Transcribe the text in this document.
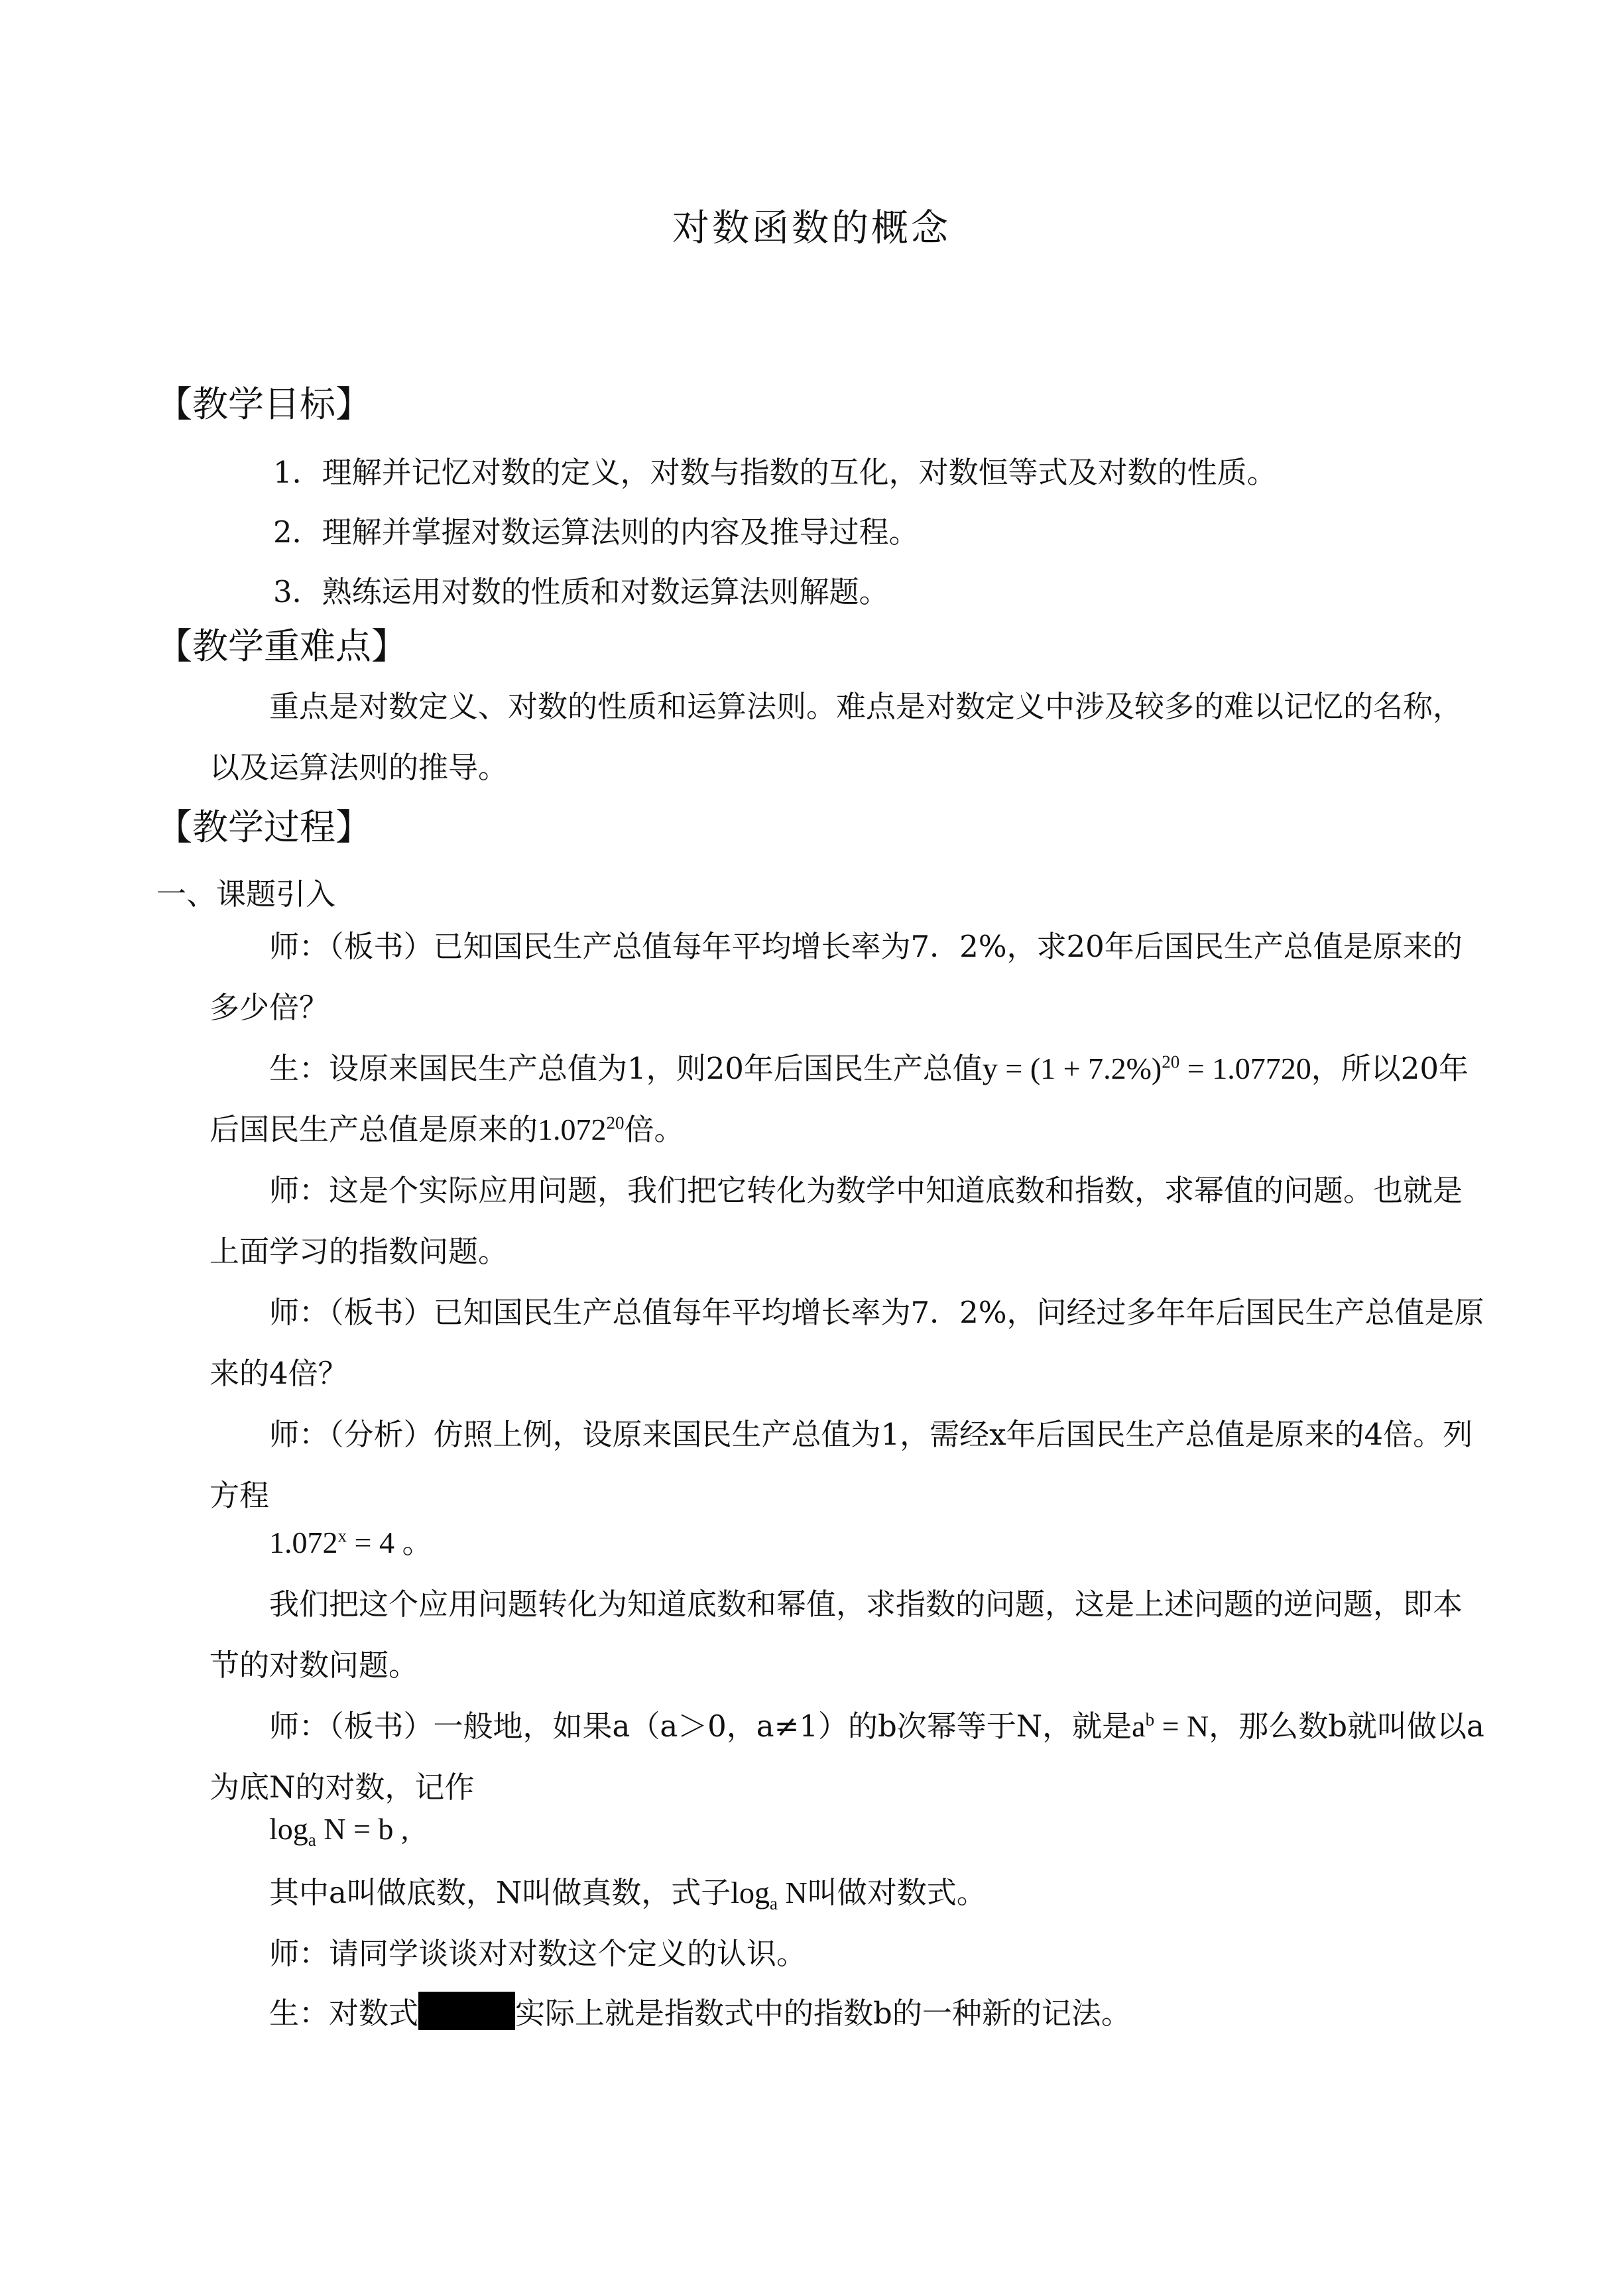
对数函数的概念
【教学目标】
1．理解并记忆对数的定义，对数与指数的互化，对数恒等式及对数的性质。
2．理解并掌握对数运算法则的内容及推导过程。
3．熟练运用对数的性质和对数运算法则解题。
【教学重难点】
重点是对数定义、对数的性质和运算法则。难点是对数定义中涉及较多的难以记忆的名称，以及运算法则的推导。
【教学过程】
一、课题引入
师：（板书）已知国民生产总值每年平均增长率为7．2%，求20年后国民生产总值是原来的多少倍？
生：设原来国民生产总值为1，则20年后国民生产总值$y = (1 + 7.2\%)^{20} = 1.07720$，所以20年后国民生产总值是原来的1.072$^{20}$倍。
师：这是个实际应用问题，我们把它转化为数学中知道底数和指数，求幂值的问题。也就是上面学习的指数问题。
师：（板书）已知国民生产总值每年平均增长率为7．2%，问经过多年年后国民生产总值是原来的4倍？
师：（分析）仿照上例，设原来国民生产总值为1，需经x年后国民生产总值是原来的4倍。列方程
$1.072^x = 4$ 。
我们把这个应用问题转化为知道底数和幂值，求指数的问题，这是上述问题的逆问题，即本节的对数问题。
师：（板书）一般地，如果a（a＞0，a≠1）的b次幂等于N，就是$a^b = N$，那么数b就叫做以a为底N的对数，记作
$\log_a N = b$ ,
其中a叫做底数，N叫做真数，式子$\log_a N$叫做对数式。
师：请同学谈谈对对数这个定义的认识。
生：对数式	实际上就是指数式中的指数b的一种新的记法。
